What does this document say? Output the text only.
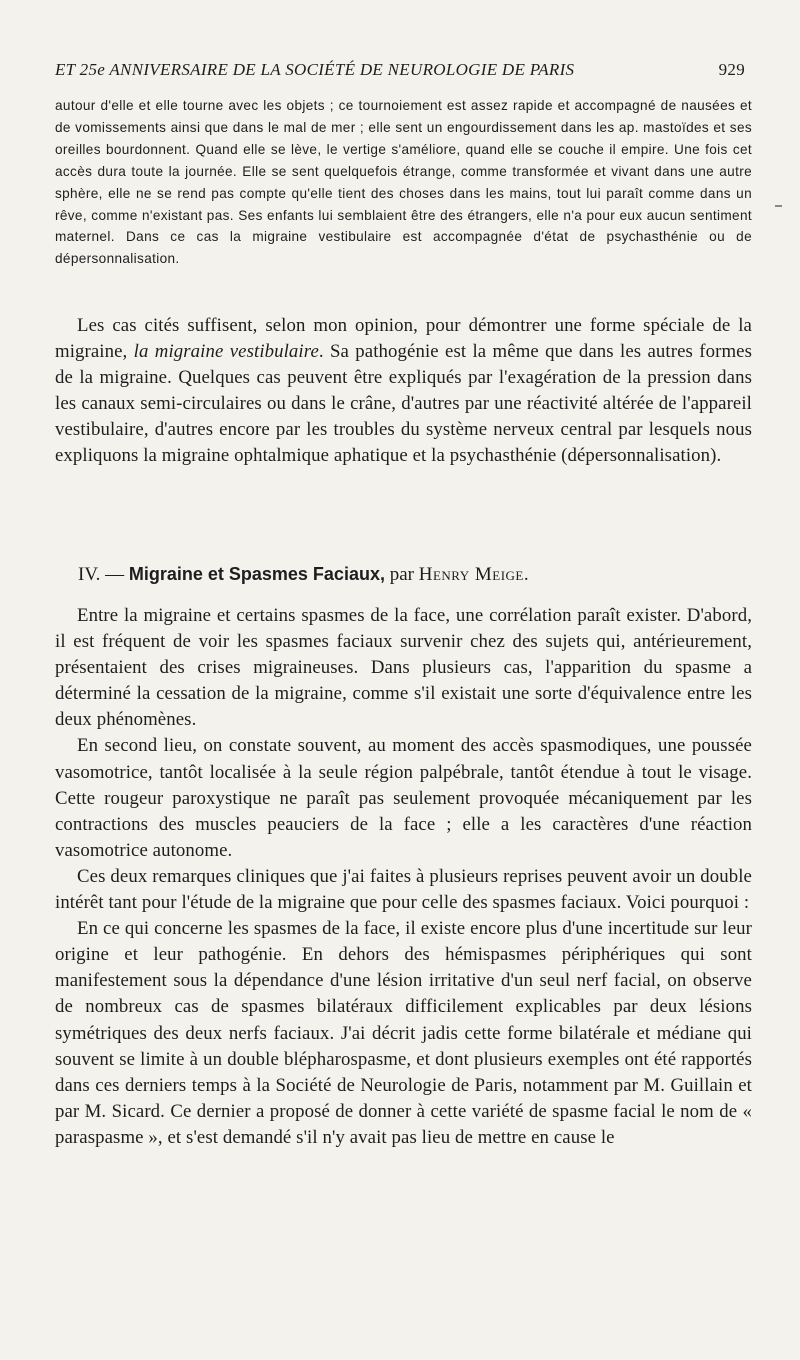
ET 25e ANNIVERSAIRE DE LA SOCIÉTÉ DE NEUROLOGIE DE PARIS	929
autour d'elle et elle tourne avec les objets ; ce tournoiement est assez rapide et accompagné de nausées et de vomissements ainsi que dans le mal de mer ; elle sent un engourdissement dans les ap. mastoïdes et ses oreilles bourdonnent. Quand elle se lève, le vertige s'améliore, quand elle se couche il empire. Une fois cet accès dura toute la journée. Elle se sent quelquefois étrange, comme transformée et vivant dans une autre sphère, elle ne se rend pas compte qu'elle tient des choses dans les mains, tout lui paraît comme dans un rêve, comme n'existant pas. Ses enfants lui semblaient être des étrangers, elle n'a pour eux aucun sentiment maternel. Dans ce cas la migraine vestibulaire est accompagnée d'état de psychasthénie ou de dépersonnalisation.

Les cas cités suffisent, selon mon opinion, pour démontrer une forme spéciale de la migraine, la migraine vestibulaire. Sa pathogénie est la même que dans les autres formes de la migraine. Quelques cas peuvent être expliqués par l'exagération de la pression dans les canaux semi-circulaires ou dans le crâne, d'autres par une réactivité altérée de l'appareil vestibulaire, d'autres encore par les troubles du système nerveux central par lesquels nous expliquons la migraine ophtalmique aphatique et la psychasthénie (dépersonnalisation).

IV. — Migraine et Spasmes Faciaux, par Henry Meige.

Entre la migraine et certains spasmes de la face, une corrélation paraît exister. D'abord, il est fréquent de voir les spasmes faciaux survenir chez des sujets qui, antérieurement, présentaient des crises migraineuses. Dans plusieurs cas, l'apparition du spasme a déterminé la cessation de la migraine, comme s'il existait une sorte d'équivalence entre les deux phénomènes.

En second lieu, on constate souvent, au moment des accès spasmodiques, une poussée vasomotrice, tantôt localisée à la seule région palpébrale, tantôt étendue à tout le visage. Cette rougeur paroxystique ne paraît pas seulement provoquée mécaniquement par les contractions des muscles peauciers de la face ; elle a les caractères d'une réaction vasomotrice autonome.

Ces deux remarques cliniques que j'ai faites à plusieurs reprises peuvent avoir un double intérêt tant pour l'étude de la migraine que pour celle des spasmes faciaux. Voici pourquoi :

En ce qui concerne les spasmes de la face, il existe encore plus d'une incertitude sur leur origine et leur pathogénie. En dehors des hémispasmes périphériques qui sont manifestement sous la dépendance d'une lésion irritative d'un seul nerf facial, on observe de nombreux cas de spasmes bilatéraux difficilement explicables par deux lésions symétriques des deux nerfs faciaux. J'ai décrit jadis cette forme bilatérale et médiane qui souvent se limite à un double blépharospasme, et dont plusieurs exemples ont été rapportés dans ces derniers temps à la Société de Neurologie de Paris, notamment par M. Guillain et par M. Sicard. Ce dernier a proposé de donner à cette variété de spasme facial le nom de « paraspasme », et s'est demandé s'il n'y avait pas lieu de mettre en cause le
